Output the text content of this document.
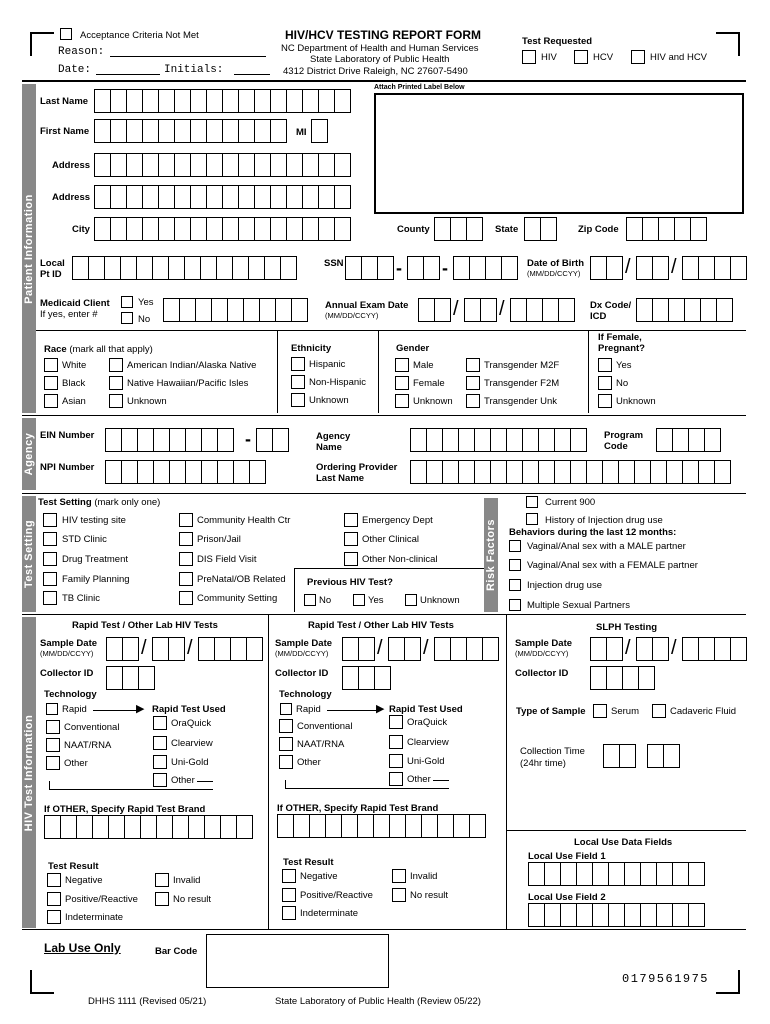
Acceptance Criteria Not Met
Reason:
Date:	Initials:
HIV/HCV TESTING REPORT FORM
NC Department of Health and Human Services
State Laboratory of Public Health
4312 District Drive Raleigh, NC 27607-5490
Test Requested
HIV	HCV	HIV and HCV
Patient Information
Attach Printed Label Below
Last Name
First Name	MI
Address
Address
City	County	State	Zip Code
Local
Pt ID
SSN	- -	Date of Birth
(MM/DD/CCYY) / /
Medicaid Client
If yes, enter #
Yes
No
Annual Exam Date
(MM/DD/CCYY)	/ /	Dx Code/
ICD
Race (mark all that apply)
White	American Indian/Alaska Native
Black	Native Hawaiian/Pacific Isles
Asian	Unknown
Ethnicity
Hispanic
Non-Hispanic
Unknown
Gender
Male	Transgender M2F
Female	Transgender F2M
Unknown	Transgender Unk
If Female,
Pregnant?
Yes
No
Unknown
Agency EIN Number	-
NPI Number
Agency
Name
Program
Code
Ordering Provider
Last Name
Test Setting
Test Setting (mark only one)
HIV testing site
STD Clinic
Drug Treatment
Family Planning
TB Clinic
Community Health Ctr
Prison/Jail
DIS Field Visit
PreNatal/OB Related
Community Setting
Emergency Dept
Other Clinical
Other Non-clinical
Previous HIV Test?
No	Yes	Unknown
Risk Factors
Current 900
History of Injection drug use
Behaviors during the last 12 months:
Vaginal/Anal sex with a MALE partner
Vaginal/Anal sex with a FEMALE partner
Injection drug use
Multiple Sexual Partners
HIV Test Information
Rapid Test / Other Lab HIV Tests
Sample Date
(MM/DD/CCYY) / /
Collector ID
Technology
Rapid	▶ Rapid Test Used
Conventional
NAAT/RNA
Other
OraQuick
Clearview
Uni-Gold
Other
If OTHER, Specify Rapid Test Brand
Test Result
Negative	Invalid
Positive/Reactive	No result
Indeterminate
Rapid Test / Other Lab HIV Tests
Sample Date
(MM/DD/CCYY) / /
Collector ID
Technology
Rapid	▶ Rapid Test Used
Conventional
NAAT/RNA
Other
OraQuick
Clearview
Uni-Gold
Other
If OTHER, Specify Rapid Test Brand
Test Result
Negative	Invalid
Positive/Reactive	No result
Indeterminate
SLPH Testing
Sample Date
(MM/DD/CCYY)	/ /
Collector ID
Type of Sample	Serum	Cadaveric Fluid
Collection Time
(24hr time)
Local Use Data Fields
Local Use Field 1
Local Use Field 2
Lab Use Only	Bar Code
0179561975
DHHS 1111 (Revised 05/21)	State Laboratory of Public Health (Review 05/22)
